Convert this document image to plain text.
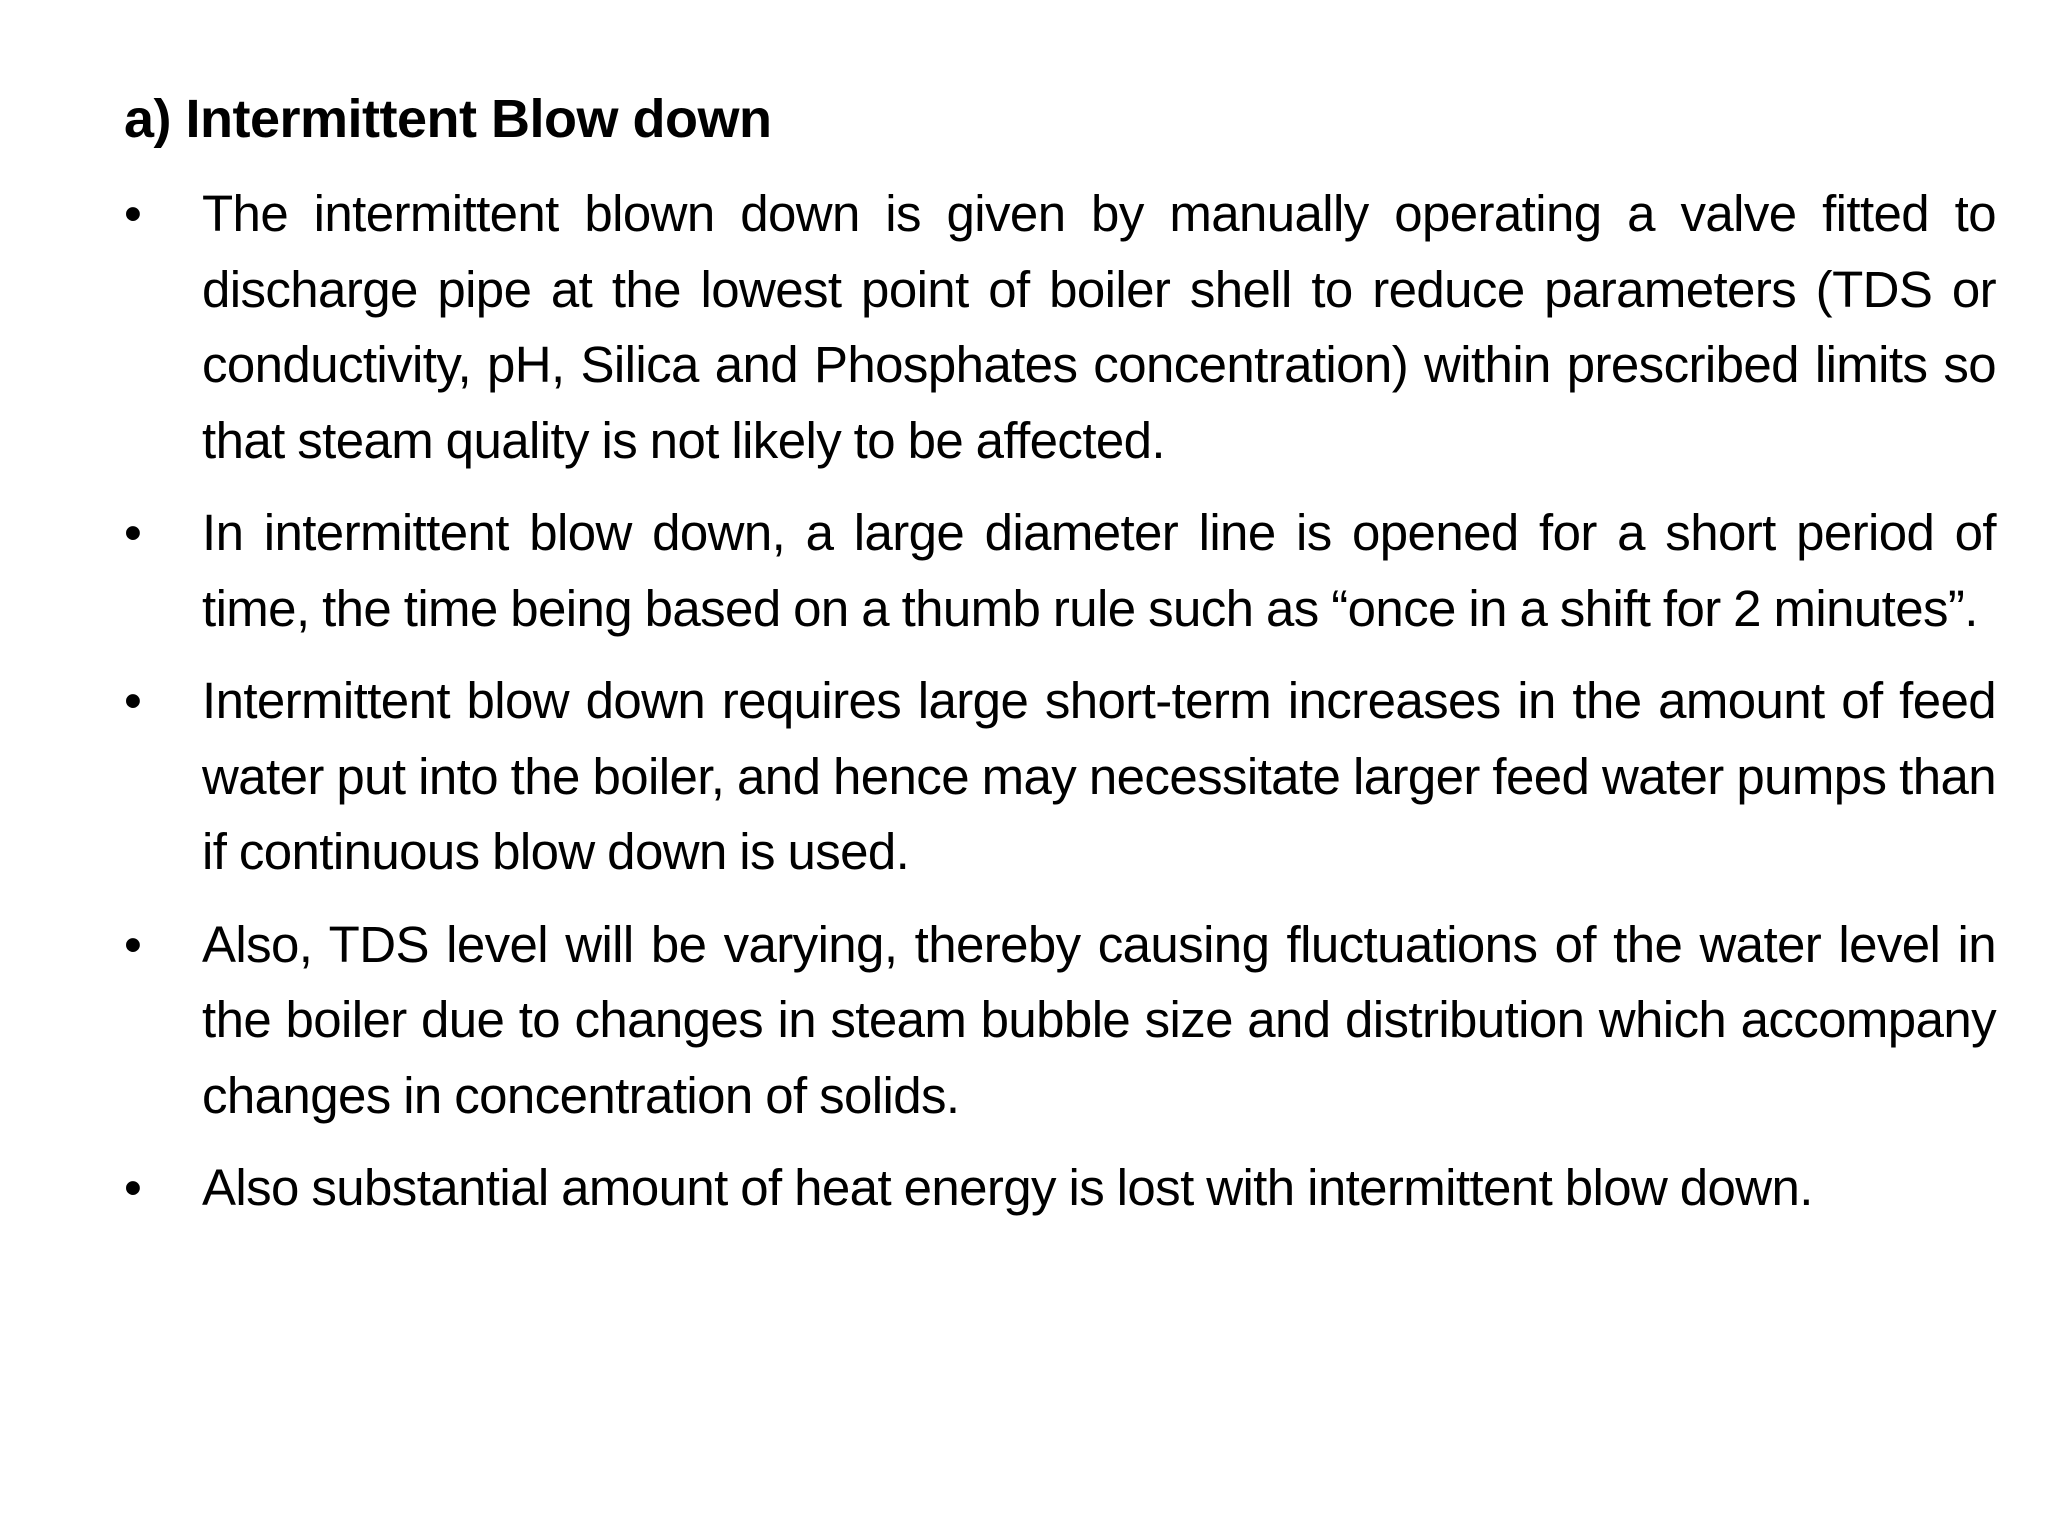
a) Intermittent Blow down
• The intermittent blown down is given by manually operating a valve fitted to discharge pipe at the lowest point of boiler shell to reduce parameters (TDS or conductivity, pH, Silica and Phosphates concentration) within prescribed limits so that steam quality is not likely to be affected.
• In intermittent blow down, a large diameter line is opened for a short period of time, the time being based on a thumb rule such as “once in a shift for 2 minutes”.
• Intermittent blow down requires large short-term increases in the amount of feed water put into the boiler, and hence may necessitate larger feed water pumps than if continuous blow down is used.
• Also, TDS level will be varying, thereby causing fluctuations of the water level in the boiler due to changes in steam bubble size and distribution which accompany changes in concentration of solids.
• Also substantial amount of heat energy is lost with intermittent blow down.
